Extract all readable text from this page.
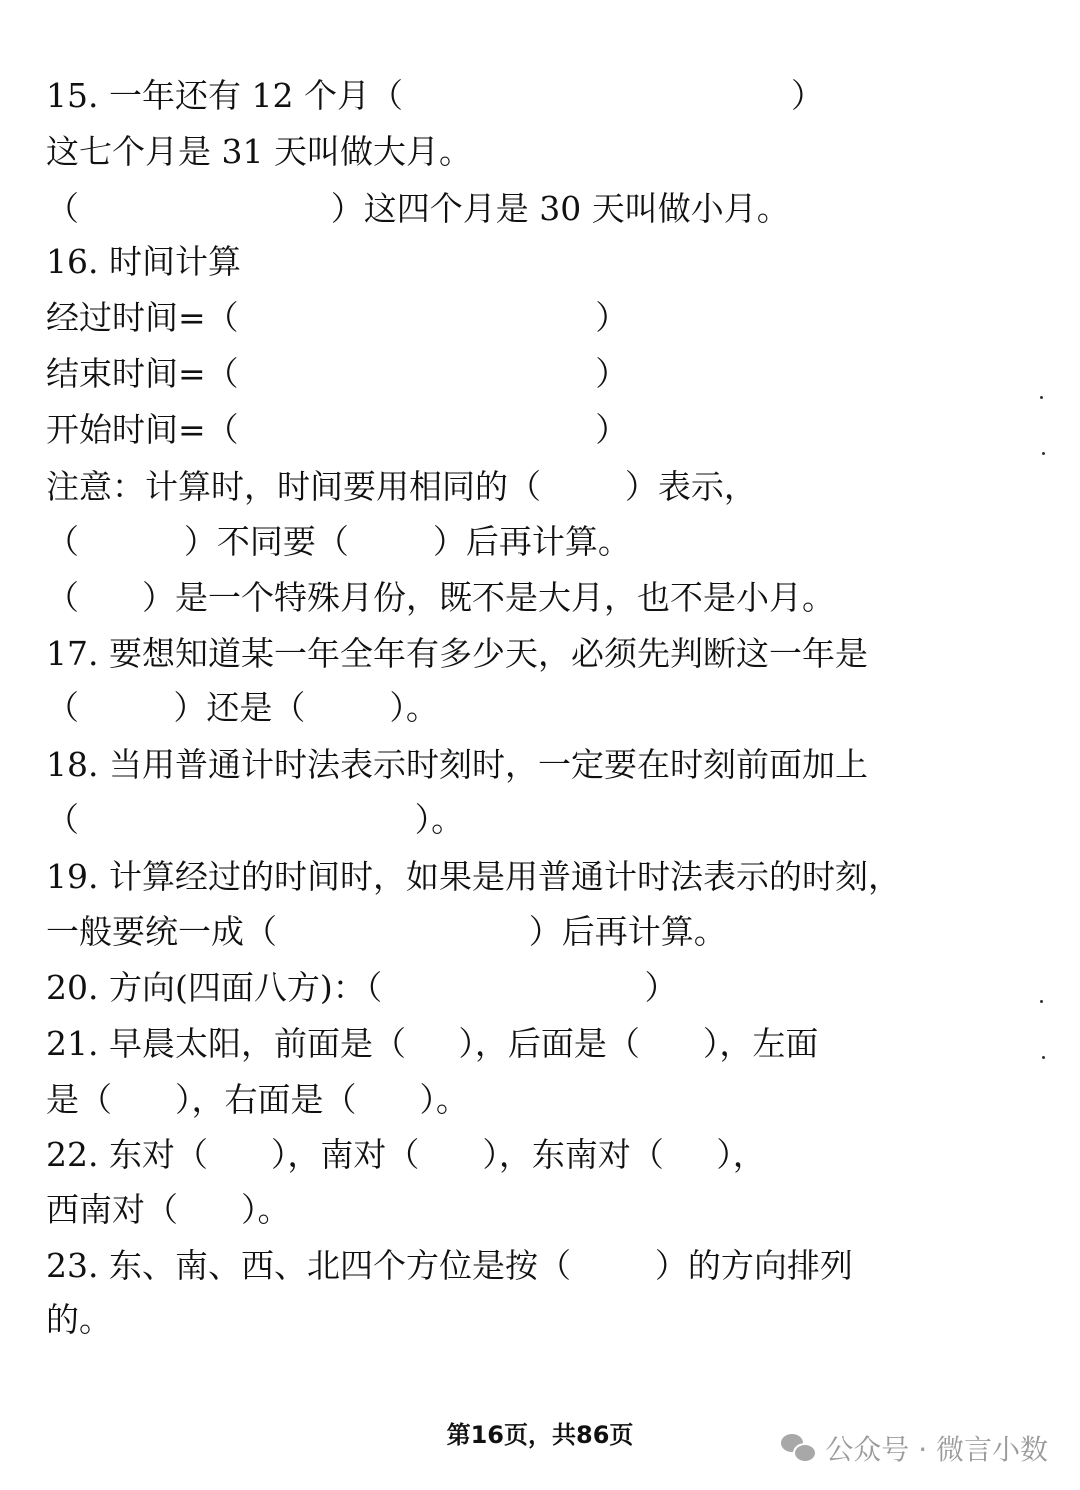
15. 一年还有 12 个月（                                     ）
这七个月是 31 天叫做大月。
（                        ）这四个月是 30 天叫做小月。
16. 时间计算
经过时间=（                                  ）
结束时间=（                                  ）
开始时间=（                                  ）
注意：计算时，时间要用相同的（        ）表示，
（          ）不同要（        ）后再计算。
（      ）是一个特殊月份，既不是大月，也不是小月。
17. 要想知道某一年全年有多少天，必须先判断这一年是
（         ）还是（        ）。
18. 当用普通计时法表示时刻时，一定要在时刻前面加上
（                                ）。
19. 计算经过的时间时，如果是用普通计时法表示的时刻，
一般要统一成（                        ）后再计算。
20. 方向(四面八方)：（                         ）
21. 早晨太阳，前面是（     ），后面是（      ），左面
是（      ），右面是（      ）。
22. 东对（      ），南对（      ），东南对（     ），
西南对（      ）。
23. 东、南、西、北四个方位是按（        ）的方向排列
的。
第16页，共86页	公众号 · 微言小数
